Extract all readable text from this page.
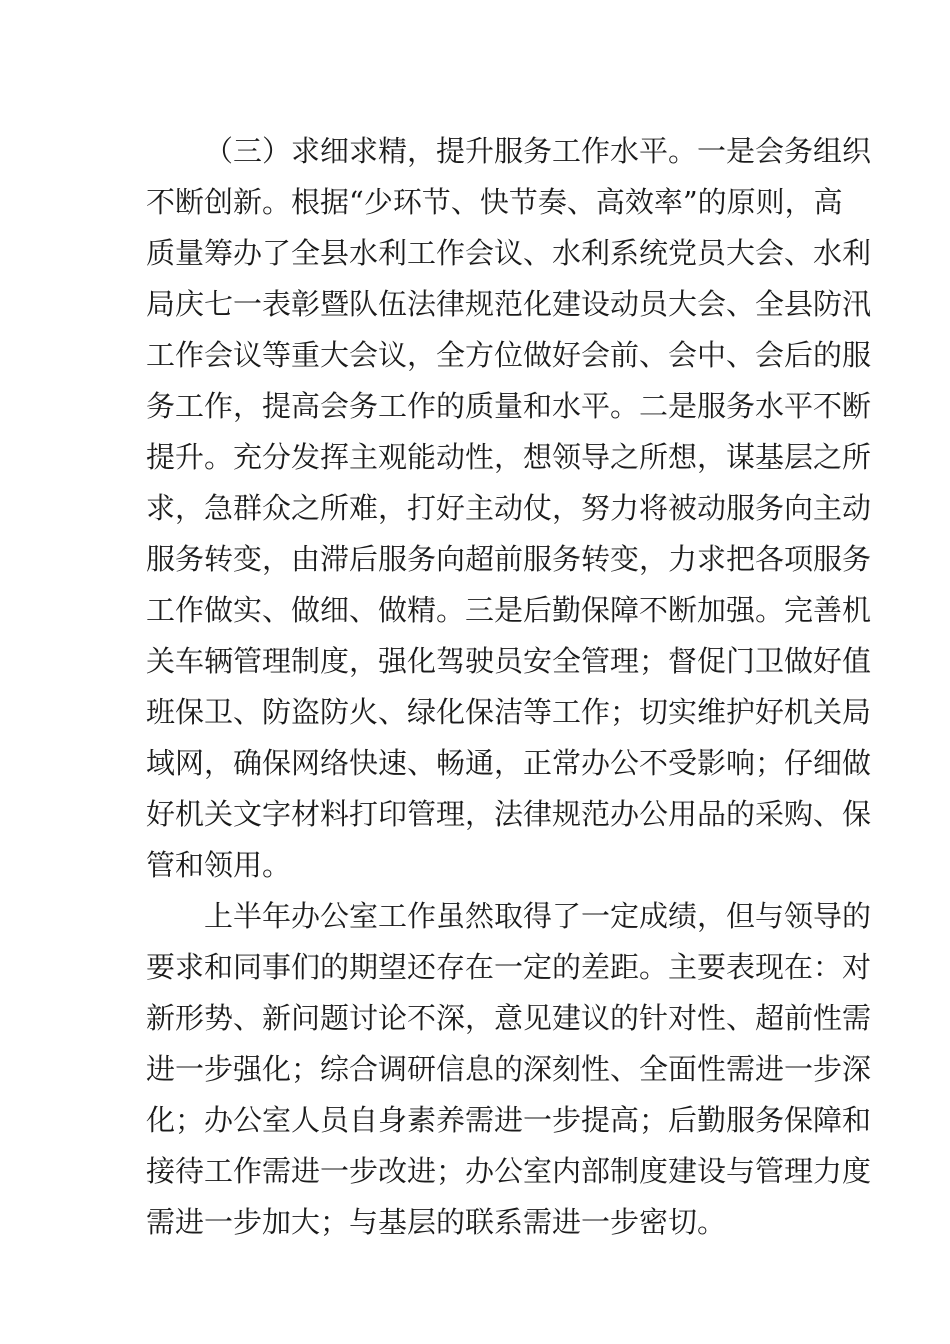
（三）求细求精，提升服务工作水平。一是会务组织
不断创新。根据“少环节、快节奏、高效率”的原则，高
质量筹办了全县水利工作会议、水利系统党员大会、水利
局庆七一表彰暨队伍法律规范化建设动员大会、全县防汛
工作会议等重大会议，全方位做好会前、会中、会后的服
务工作，提高会务工作的质量和水平。二是服务水平不断
提升。充分发挥主观能动性，想领导之所想，谋基层之所
求，急群众之所难，打好主动仗，努力将被动服务向主动
服务转变，由滞后服务向超前服务转变，力求把各项服务
工作做实、做细、做精。三是后勤保障不断加强。完善机
关车辆管理制度，强化驾驶员安全管理；督促门卫做好值
班保卫、防盗防火、绿化保洁等工作；切实维护好机关局
域网，确保网络快速、畅通，正常办公不受影响；仔细做
好机关文字材料打印管理，法律规范办公用品的采购、保
管和领用。
上半年办公室工作虽然取得了一定成绩，但与领导的
要求和同事们的期望还存在一定的差距。主要表现在：对
新形势、新问题讨论不深，意见建议的针对性、超前性需
进一步强化；综合调研信息的深刻性、全面性需进一步深
化；办公室人员自身素养需进一步提高；后勤服务保障和
接待工作需进一步改进；办公室内部制度建设与管理力度
需进一步加大；与基层的联系需进一步密切。
